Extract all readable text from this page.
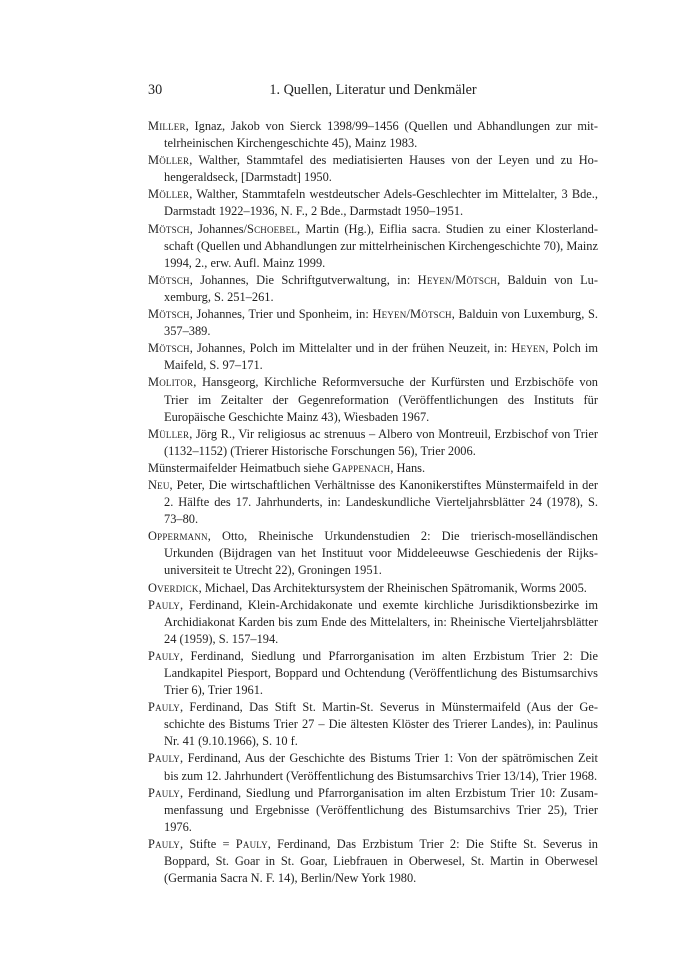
30	1. Quellen, Literatur und Denkmäler

Miller, Ignaz, Jakob von Sierck 1398/99–1456 (Quellen und Abhandlungen zur mittelrheinischen Kirchengeschichte 45), Mainz 1983.

Möller, Walther, Stammtafel des mediatisierten Hauses von der Leyen und zu Hohengeraldseck, [Darmstadt] 1950.

Möller, Walther, Stammtafeln westdeutscher Adels-Geschlechter im Mittelalter, 3 Bde., Darmstadt 1922–1936, N. F., 2 Bde., Darmstadt 1950–1951.

Mötsch, Johannes/Schoebel, Martin (Hg.), Eiflia sacra. Studien zu einer Klosterlandschaft (Quellen und Abhandlungen zur mittelrheinischen Kirchengeschichte 70), Mainz 1994, 2., erw. Aufl. Mainz 1999.

Mötsch, Johannes, Die Schriftgutverwaltung, in: Heyen/Mötsch, Balduin von Luxemburg, S. 251–261.

Mötsch, Johannes, Trier und Sponheim, in: Heyen/Mötsch, Balduin von Luxemburg, S. 357–389.

Mötsch, Johannes, Polch im Mittelalter und in der frühen Neuzeit, in: Heyen, Polch im Maifeld, S. 97–171.

Molitor, Hansgeorg, Kirchliche Reformversuche der Kurfürsten und Erzbischöfe von Trier im Zeitalter der Gegenreformation (Veröffentlichungen des Instituts für Europäische Geschichte Mainz 43), Wiesbaden 1967.

Müller, Jörg R., Vir religiosus ac strenuus – Albero von Montreuil, Erzbischof von Trier (1132–1152) (Trierer Historische Forschungen 56), Trier 2006.

Münstermaifelder Heimatbuch siehe Gappenach, Hans.

Neu, Peter, Die wirtschaftlichen Verhältnisse des Kanonikerstiftes Münstermaifeld in der 2. Hälfte des 17. Jahrhunderts, in: Landeskundliche Vierteljahrsblätter 24 (1978), S. 73–80.

Oppermann, Otto, Rheinische Urkundenstudien 2: Die trierisch-moselländischen Urkunden (Bijdragen van het Instituut voor Middeleeuwse Geschiedenis der Rijksuniversiteit te Utrecht 22), Groningen 1951.

Overdick, Michael, Das Architektursystem der Rheinischen Spätromanik, Worms 2005.

Pauly, Ferdinand, Klein-Archidakonate und exemte kirchliche Jurisdiktionsbezirke im Archidiakonat Karden bis zum Ende des Mittelalters, in: Rheinische Vierteljahrsblätter 24 (1959), S. 157–194.

Pauly, Ferdinand, Siedlung und Pfarrorganisation im alten Erzbistum Trier 2: Die Landkapitel Piesport, Boppard und Ochtendung (Veröffentlichung des Bistumsarchivs Trier 6), Trier 1961.

Pauly, Ferdinand, Das Stift St. Martin-St. Severus in Münstermaifeld (Aus der Geschichte des Bistums Trier 27 – Die ältesten Klöster des Trierer Landes), in: Paulinus Nr. 41 (9.10.1966), S. 10 f.

Pauly, Ferdinand, Aus der Geschichte des Bistums Trier 1: Von der spätrömischen Zeit bis zum 12. Jahrhundert (Veröffentlichung des Bistumsarchivs Trier 13/14), Trier 1968.

Pauly, Ferdinand, Siedlung und Pfarrorganisation im alten Erzbistum Trier 10: Zusammenfassung und Ergebnisse (Veröffentlichung des Bistumsarchivs Trier 25), Trier 1976.

Pauly, Stifte = Pauly, Ferdinand, Das Erzbistum Trier 2: Die Stifte St. Severus in Boppard, St. Goar in St. Goar, Liebfrauen in Oberwesel, St. Martin in Oberwesel (Germania Sacra N. F. 14), Berlin/New York 1980.
